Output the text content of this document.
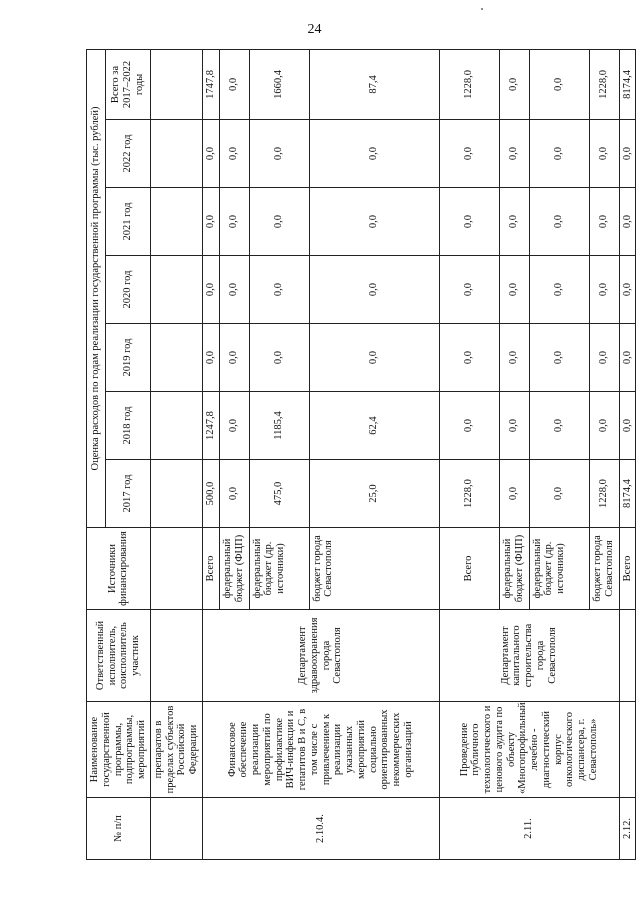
24
№ п/п	Наименование государственной программы, подпрограммы, мероприятий	Ответственный исполнитель, соисполнитель участник	Источники финансирования	Оценка расходов по годам реализации государственной программы (тыс. рублей)						
				2017 год	2018 год	2019 год	2020 год	2021 год	2022 год	Всего за 2017–2022 годы
	препаратов в пределах субъектов Российской Федерации									
2.10.4.	Финансовое обеспечение реализации мероприятий по профилактике ВИЧ-инфекции и гепатитов В и С, в том числе с привлечением к реализации указанных мероприятий социально ориентированных некоммерческих организаций	Департамент здравоохранения города Севастополя	Всего	500,0	1247,8	0,0	0,0	0,0	0,0	1747,8
			федеральный бюджет (ФЦП)	0,0	0,0	0,0	0,0	0,0	0,0	0,0
			федеральный бюджет (др. источники)	475,0	1185,4	0,0	0,0	0,0	0,0	1660,4
			бюджет города Севастополя	25,0	62,4	0,0	0,0	0,0	0,0	87,4
2.11.	Проведение публичного технологического и ценового аудита по объекту «Многопрофильный лечебно - диагностический корпус онкологического диспансера, г. Севастополь»	Департамент капитального строительства города Севастополя	Всего	1228,0	0,0	0,0	0,0	0,0	0,0	1228,0
			федеральный бюджет (ФЦП)	0,0	0,0	0,0	0,0	0,0	0,0	0,0
			федеральный бюджет (др. источники)	0,0	0,0	0,0	0,0	0,0	0,0	0,0
			бюджет города Севастополя	1228,0	0,0	0,0	0,0	0,0	0,0	1228,0
2.12.			Всего	8174,4	0,0	0,0	0,0	0,0	0,0	8174,4
